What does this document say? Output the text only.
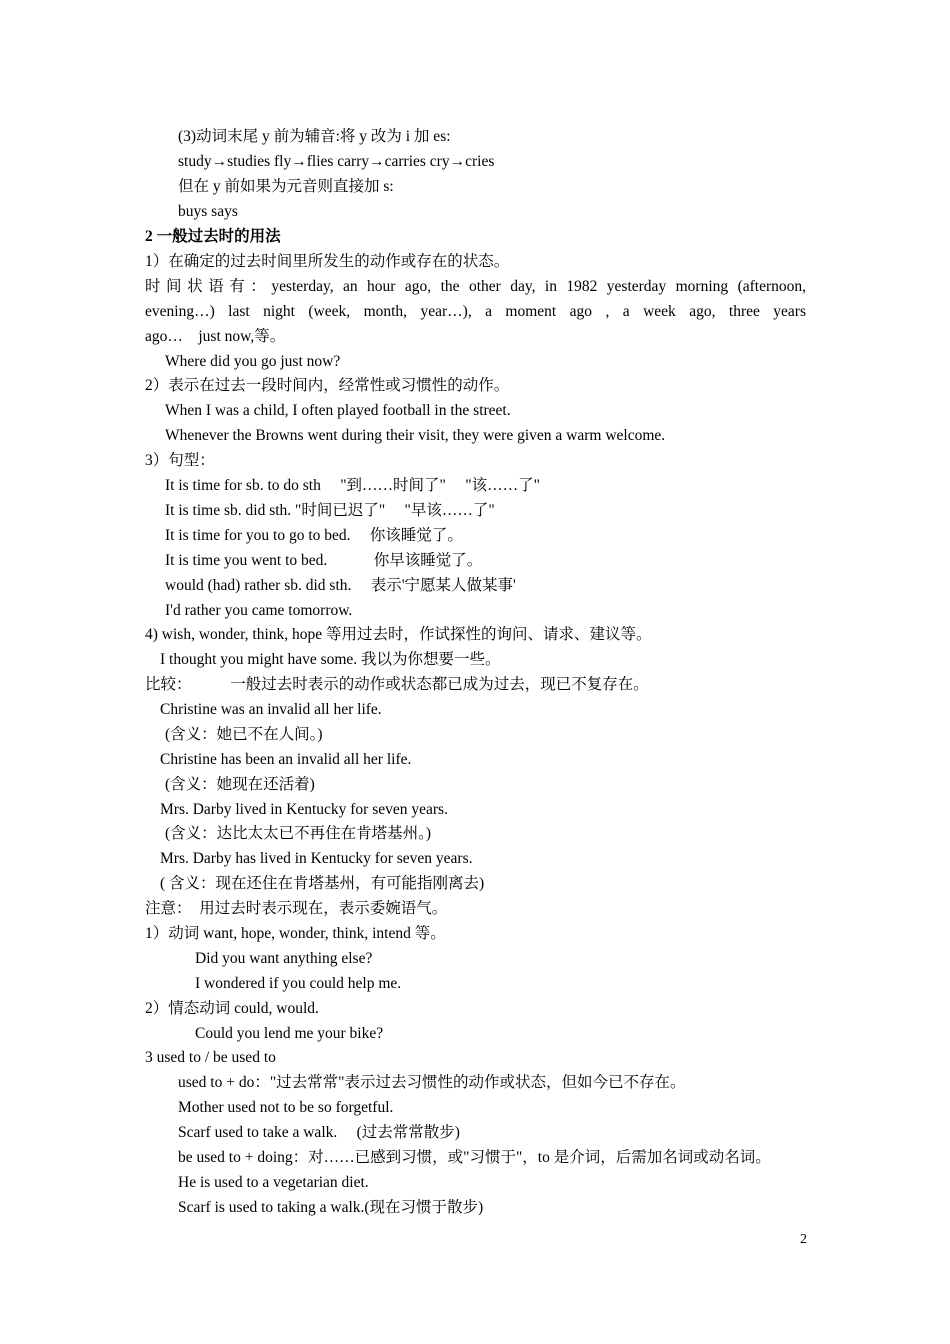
(3)动词末尾 y 前为辅音:将 y 改为 i 加 es:

study→studies fly→flies carry→carries cry→cries

但在 y 前如果为元音则直接加 s:

buys says

2 一般过去时的用法

1）在确定的过去时间里所发生的动作或存在的状态。

时间状语有：yesterday, an hour ago, the other day, in 1982 yesterday morning (afternoon,

evening…) last night (week, month, year…), a moment ago , a week ago, three years

ago…    just now,等。

Where did you go just now?

2）表示在过去一段时间内，经常性或习惯性的动作。

When I was a child, I often played football in the street.

Whenever the Browns went during their visit, they were given a warm welcome.

3）句型：

It is time for sb. to do sth     "到……时间了"     "该……了"

It is time sb. did sth. "时间已迟了"     "早该……了"

It is time for you to go to bed.     你该睡觉了。

It is time you went to bed.            你早该睡觉了。

would (had) rather sb. did sth.     表示'宁愿某人做某事'

I'd rather you came tomorrow.

4) wish, wonder, think, hope 等用过去时，作试探性的询问、请求、建议等。

I thought you might have some. 我以为你想要一些。

比较：          一般过去时表示的动作或状态都已成为过去，现已不复存在。

Christine was an invalid all her life.

(含义：她已不在人间。)

Christine has been an invalid all her life.

(含义：她现在还活着)

Mrs. Darby lived in Kentucky for seven years.

(含义：达比太太已不再住在肯塔基州。)

Mrs. Darby has lived in Kentucky for seven years.

( 含义：现在还住在肯塔基州，有可能指刚离去)

注意：  用过去时表示现在，表示委婉语气。

1）动词 want, hope, wonder, think, intend 等。

Did you want anything else?

I wondered if you could help me.

2）情态动词 could, would.

Could you lend me your bike?

3 used to / be used to

used to + do："过去常常"表示过去习惯性的动作或状态，但如今已不存在。

Mother used not to be so forgetful.

Scarf used to take a walk.     (过去常常散步)

be used to + doing：对……已感到习惯，或"习惯于"，to 是介词，后需加名词或动名词。

He is used to a vegetarian diet.

Scarf is used to taking a walk.(现在习惯于散步)

2
